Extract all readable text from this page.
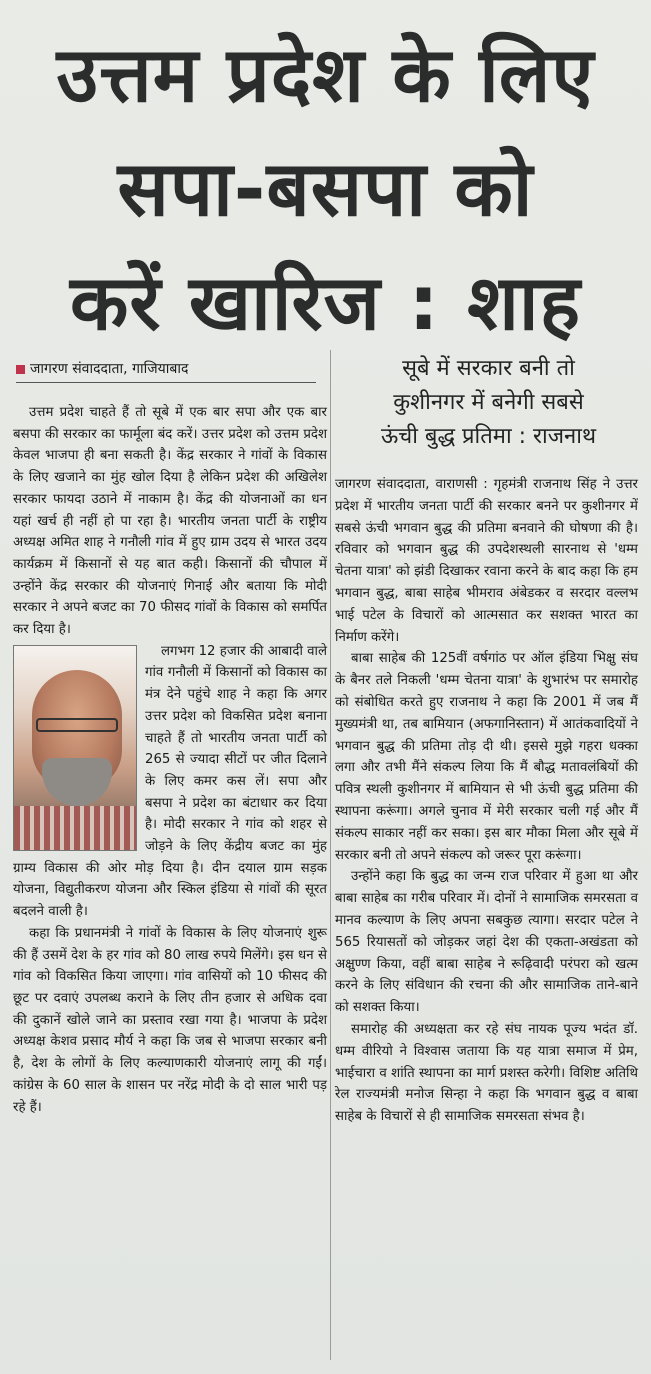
उत्तम प्रदेश के लिए
सपा-बसपा को
करें खारिज : शाह
जागरण संवाददाता, गाजियाबाद

उत्तम प्रदेश चाहते हैं तो सूबे में एक बार सपा और एक बार बसपा की सरकार का फार्मूला बंद करें। उत्तर प्रदेश को उत्तम प्रदेश केवल भाजपा ही बना सकती है। केंद्र सरकार ने गांवों के विकास के लिए खजाने का मुंह खोल दिया है लेकिन प्रदेश की अखिलेश सरकार फायदा उठाने में नाकाम है। केंद्र की योजनाओं का धन यहां खर्च ही नहीं हो पा रहा है। भारतीय जनता पार्टी के राष्ट्रीय अध्यक्ष अमित शाह ने गनौली गांव में हुए ग्राम उदय से भारत उदय कार्यक्रम में किसानों से यह बात कही। किसानों की चौपाल में उन्होंने केंद्र सरकार की योजनाएं गिनाई और बताया कि मोदी सरकार ने अपने बजट का 70 फीसद गांवों के विकास को समर्पित कर दिया है।

लगभग 12 हजार की आबादी वाले गांव गनौली में किसानों को विकास का मंत्र देने पहुंचे शाह ने कहा कि अगर उत्तर प्रदेश को विकसित प्रदेश बनाना चाहते हैं तो भारतीय जनता पार्टी को 265 से ज्यादा सीटों पर जीत दिलाने के लिए कमर कस लें। सपा और बसपा ने प्रदेश का बंटाधार कर दिया है। मोदी सरकार ने गांव को शहर से जोड़ने के लिए केंद्रीय बजट का मुंह ग्राम्य विकास की ओर मोड़ दिया है। दीन दयाल ग्राम सड़क योजना, विद्युतीकरण योजना और स्किल इंडिया से गांवों की सूरत बदलने वाली है।

कहा कि प्रधानमंत्री ने गांवों के विकास के लिए योजनाएं शुरू की हैं उसमें देश के हर गांव को 80 लाख रुपये मिलेंगे। इस धन से गांव को विकसित किया जाएगा। गांव वासियों को 10 फीसद की छूट पर दवाएं उपलब्ध कराने के लिए तीन हजार से अधिक दवा की दुकानें खोले जाने का प्रस्ताव रखा गया है। भाजपा के प्रदेश अध्यक्ष केशव प्रसाद मौर्य ने कहा कि जब से भाजपा सरकार बनी है, देश के लोगों के लिए कल्याणकारी योजनाएं लागू की गईं। कांग्रेस के 60 साल के शासन पर नरेंद्र मोदी के दो साल भारी पड़ रहे हैं।

सूबे में सरकार बनी तो
कुशीनगर में बनेगी सबसे
ऊंची बुद्ध प्रतिमा : राजनाथ

जागरण संवाददाता, वाराणसी : गृहमंत्री राजनाथ सिंह ने उत्तर प्रदेश में भारतीय जनता पार्टी की सरकार बनने पर कुशीनगर में सबसे ऊंची भगवान बुद्ध की प्रतिमा बनवाने की घोषणा की है। रविवार को भगवान बुद्ध की उपदेशस्थली सारनाथ से 'धम्म चेतना यात्रा' को झंडी दिखाकर रवाना करने के बाद कहा कि हम भगवान बुद्ध, बाबा साहेब भीमराव अंबेडकर व सरदार वल्लभ भाई पटेल के विचारों को आत्मसात कर सशक्त भारत का निर्माण करेंगे।

बाबा साहेब की 125वीं वर्षगांठ पर ऑल इंडिया भिक्षु संघ के बैनर तले निकली 'धम्म चेतना यात्रा' के शुभारंभ पर समारोह को संबोधित करते हुए राजनाथ ने कहा कि 2001 में जब मैं मुख्यमंत्री था, तब बामियान (अफगानिस्तान) में आतंकवादियों ने भगवान बुद्ध की प्रतिमा तोड़ दी थी। इससे मुझे गहरा धक्का लगा और तभी मैंने संकल्प लिया कि मैं बौद्ध मतावलंबियों की पवित्र स्थली कुशीनगर में बामियान से भी ऊंची बुद्ध प्रतिमा की स्थापना करूंगा। अगले चुनाव में मेरी सरकार चली गई और मैं संकल्प साकार नहीं कर सका। इस बार मौका मिला और सूबे में सरकार बनी तो अपने संकल्प को जरूर पूरा करूंगा।

उन्होंने कहा कि बुद्ध का जन्म राज परिवार में हुआ था और बाबा साहेब का गरीब परिवार में। दोनों ने सामाजिक समरसता व मानव कल्याण के लिए अपना सबकुछ त्यागा। सरदार पटेल ने 565 रियासतों को जोड़कर जहां देश की एकता-अखंडता को अक्षुण्ण किया, वहीं बाबा साहेब ने रूढ़िवादी परंपरा को खत्म करने के लिए संविधान की रचना की और सामाजिक ताने-बाने को सशक्त किया।

समारोह की अध्यक्षता कर रहे संघ नायक पूज्य भदंत डॉ. धम्म वीरियो ने विश्वास जताया कि यह यात्रा समाज में प्रेम, भाईचारा व शांति स्थापना का मार्ग प्रशस्त करेगी। विशिष्ट अतिथि रेल राज्यमंत्री मनोज सिन्हा ने कहा कि भगवान बुद्ध व बाबा साहेब के विचारों से ही सामाजिक समरसता संभव है।
